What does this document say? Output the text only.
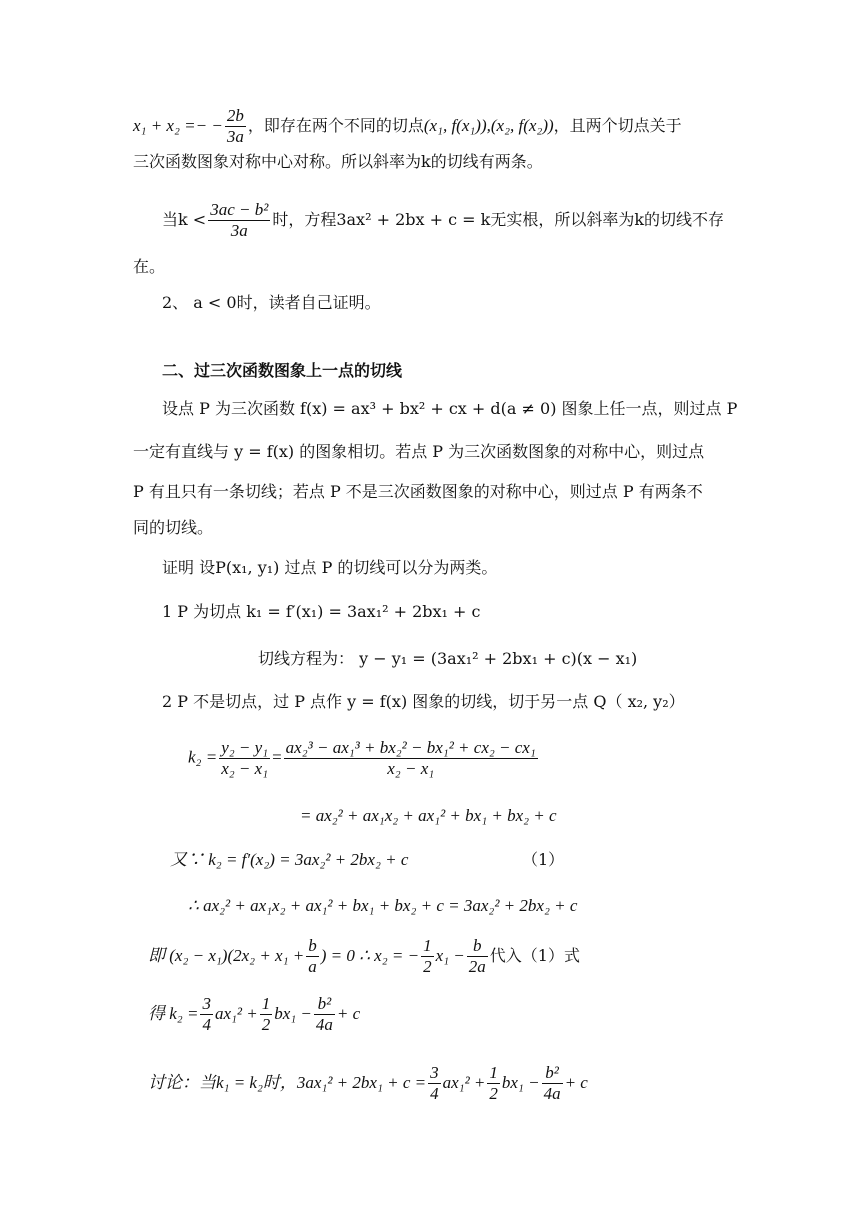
x₁ + x₂ =− − $\frac{2b}{3a}$ ，即存在两个不同的切点(x₁, f(x₁)),(x₂, f(x₂))，且两个切点关于
三次函数图象对称中心对称。所以斜率为k的切线有两条。
当$k < \frac{\text{3ac − b²}}{3a}$ 时，方程3ax² + 2bx + c = k无实根，所以斜率为k的切线不存
在。
2、 a < 0时，读者自己证明。
二、过三次函数图象上一点的切线
设点 P 为三次函数 f(x) = ax³ + bx² + cx + d(a ≠ 0) 图象上任一点，则过点 P
一定有直线与 y = f(x) 的图象相切。若点 P 为三次函数图象的对称中心，则过点
P 有且只有一条切线；若点 P 不是三次函数图象的对称中心，则过点 P 有两条不
同的切线。
证明 设P(x₁, y₁) 过点 P 的切线可以分为两类。
1 P 为切点 k₁ = f′(x₁) = 3ax₁² + 2bx₁ + c
切线方程为： y − y₁ = (3ax₁² + 2bx₁ + c)(x − x₁)
2 P 不是切点，过 P 点作 y = f(x) 图象的切线，切于另一点 Q（ x₂, y₂）
$k_2 = \frac{\text{y₂ − y₁}}{\text{x₂ − x₁}} = \frac{\text{ax₂³ − ax₁³ + bx₂² − bx₁² + cx₂ − cx₁}}{\text{x₂ − x₁}}$
= ax₂² + ax₁x₂ + ax₁² + bx₁ + bx₂ + c
又∵ k₂ = f′(x₂) = 3ax₂² + 2bx₂ + c	（1）
∴ ax₂² + ax₁x₂ + ax₁² + bx₁ + bx₂ + c = 3ax₂² + 2bx₂ + c
即 $(x_2 - x_1)(2x_2 + x_1 + \frac{b}{a}$ ) = 0 ∴ x₂ = − $\frac{1}{2} x_1 - \frac{b}{2a}$ 代入（1）式
得 $k_2 = \frac{3}{4} ax_1^2 + \frac{1}{2} bx_1 - \frac{\text{b²}}{4a} + c$
讨论：当k₁ = k₂时，$3ax_1^2 + 2bx_1 + c = \frac{3}{4} ax_1^2 + \frac{1}{2} bx_1 - \frac{\text{b²}}{4a} + c$
